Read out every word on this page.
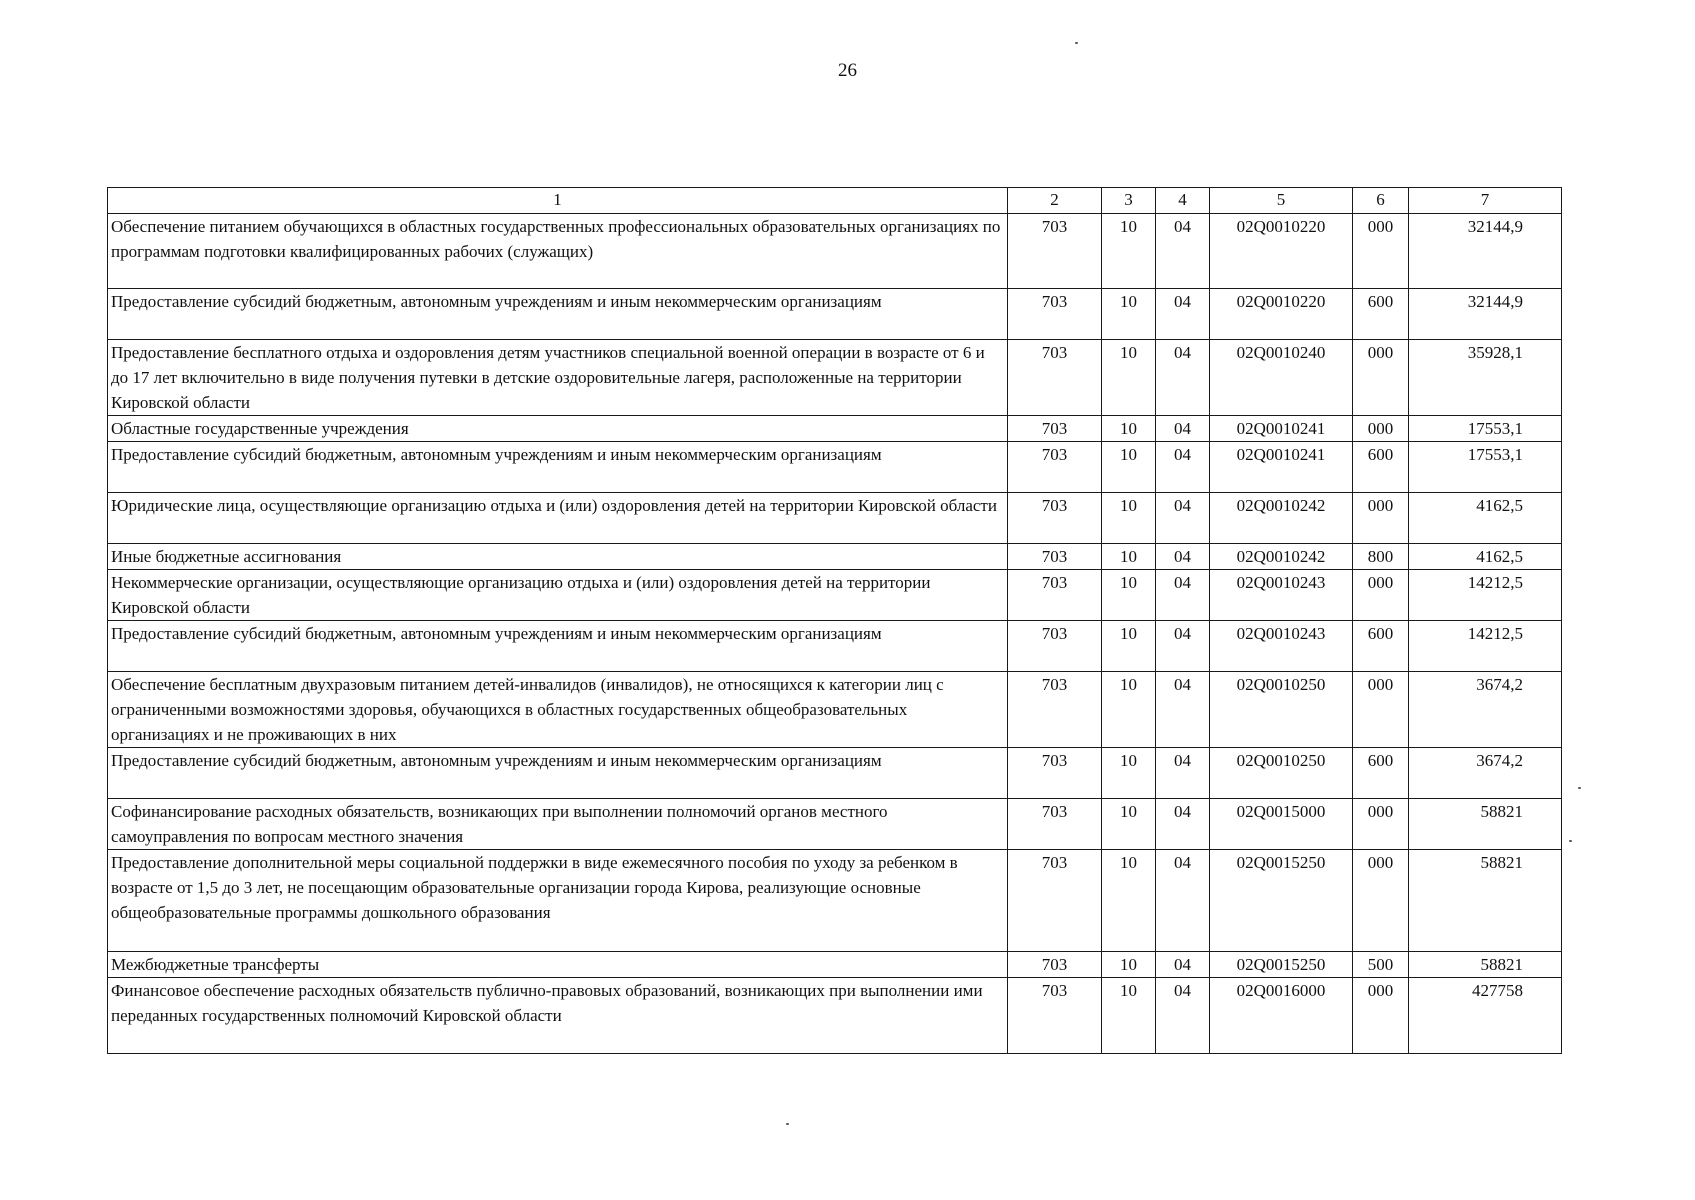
26
1	2	3	4	5	6	7
Обеспечение питанием обучающихся в областных государственных профессиональных образовательных организациях по программам подготовки квалифицированных рабочих (служащих)	703	10	04	02Q0010220	000	32144,9
Предоставление субсидий бюджетным, автономным учреждениям и иным некоммерческим организациям	703	10	04	02Q0010220	600	32144,9
Предоставление бесплатного отдыха и оздоровления детям участников специальной военной операции в возрасте от 6 и до 17 лет включительно в виде получения путевки в детские оздоровительные лагеря, расположенные на территории Кировской области	703	10	04	02Q0010240	000	35928,1
Областные государственные учреждения	703	10	04	02Q0010241	000	17553,1
Предоставление субсидий бюджетным, автономным учреждениям и иным некоммерческим организациям	703	10	04	02Q0010241	600	17553,1
Юридические лица, осуществляющие организацию отдыха и (или) оздоровления детей на территории Кировской области	703	10	04	02Q0010242	000	4162,5
Иные бюджетные ассигнования	703	10	04	02Q0010242	800	4162,5
Некоммерческие организации, осуществляющие организацию отдыха и (или) оздоровления детей на территории Кировской области	703	10	04	02Q0010243	000	14212,5
Предоставление субсидий бюджетным, автономным учреждениям и иным некоммерческим организациям	703	10	04	02Q0010243	600	14212,5
Обеспечение бесплатным двухразовым питанием детей-инвалидов (инвалидов), не относящихся к категории лиц с ограниченными возможностями здоровья, обучающихся в областных государственных общеобразовательных организациях и не проживающих в них	703	10	04	02Q0010250	000	3674,2
Предоставление субсидий бюджетным, автономным учреждениям и иным некоммерческим организациям	703	10	04	02Q0010250	600	3674,2
Софинансирование расходных обязательств, возникающих при выполнении полномочий органов местного самоуправления по вопросам местного значения	703	10	04	02Q0015000	000	58821
Предоставление дополнительной меры социальной поддержки в виде ежемесячного пособия по уходу за ребенком в возрасте от 1,5 до 3 лет, не посещающим образовательные организации города Кирова, реализующие основные общеобразовательные программы дошкольного образования	703	10	04	02Q0015250	000	58821
Межбюджетные трансферты	703	10	04	02Q0015250	500	58821
Финансовое обеспечение расходных обязательств публично-правовых образований, возникающих при выполнении ими переданных государственных полномочий Кировской области	703	10	04	02Q0016000	000	427758
